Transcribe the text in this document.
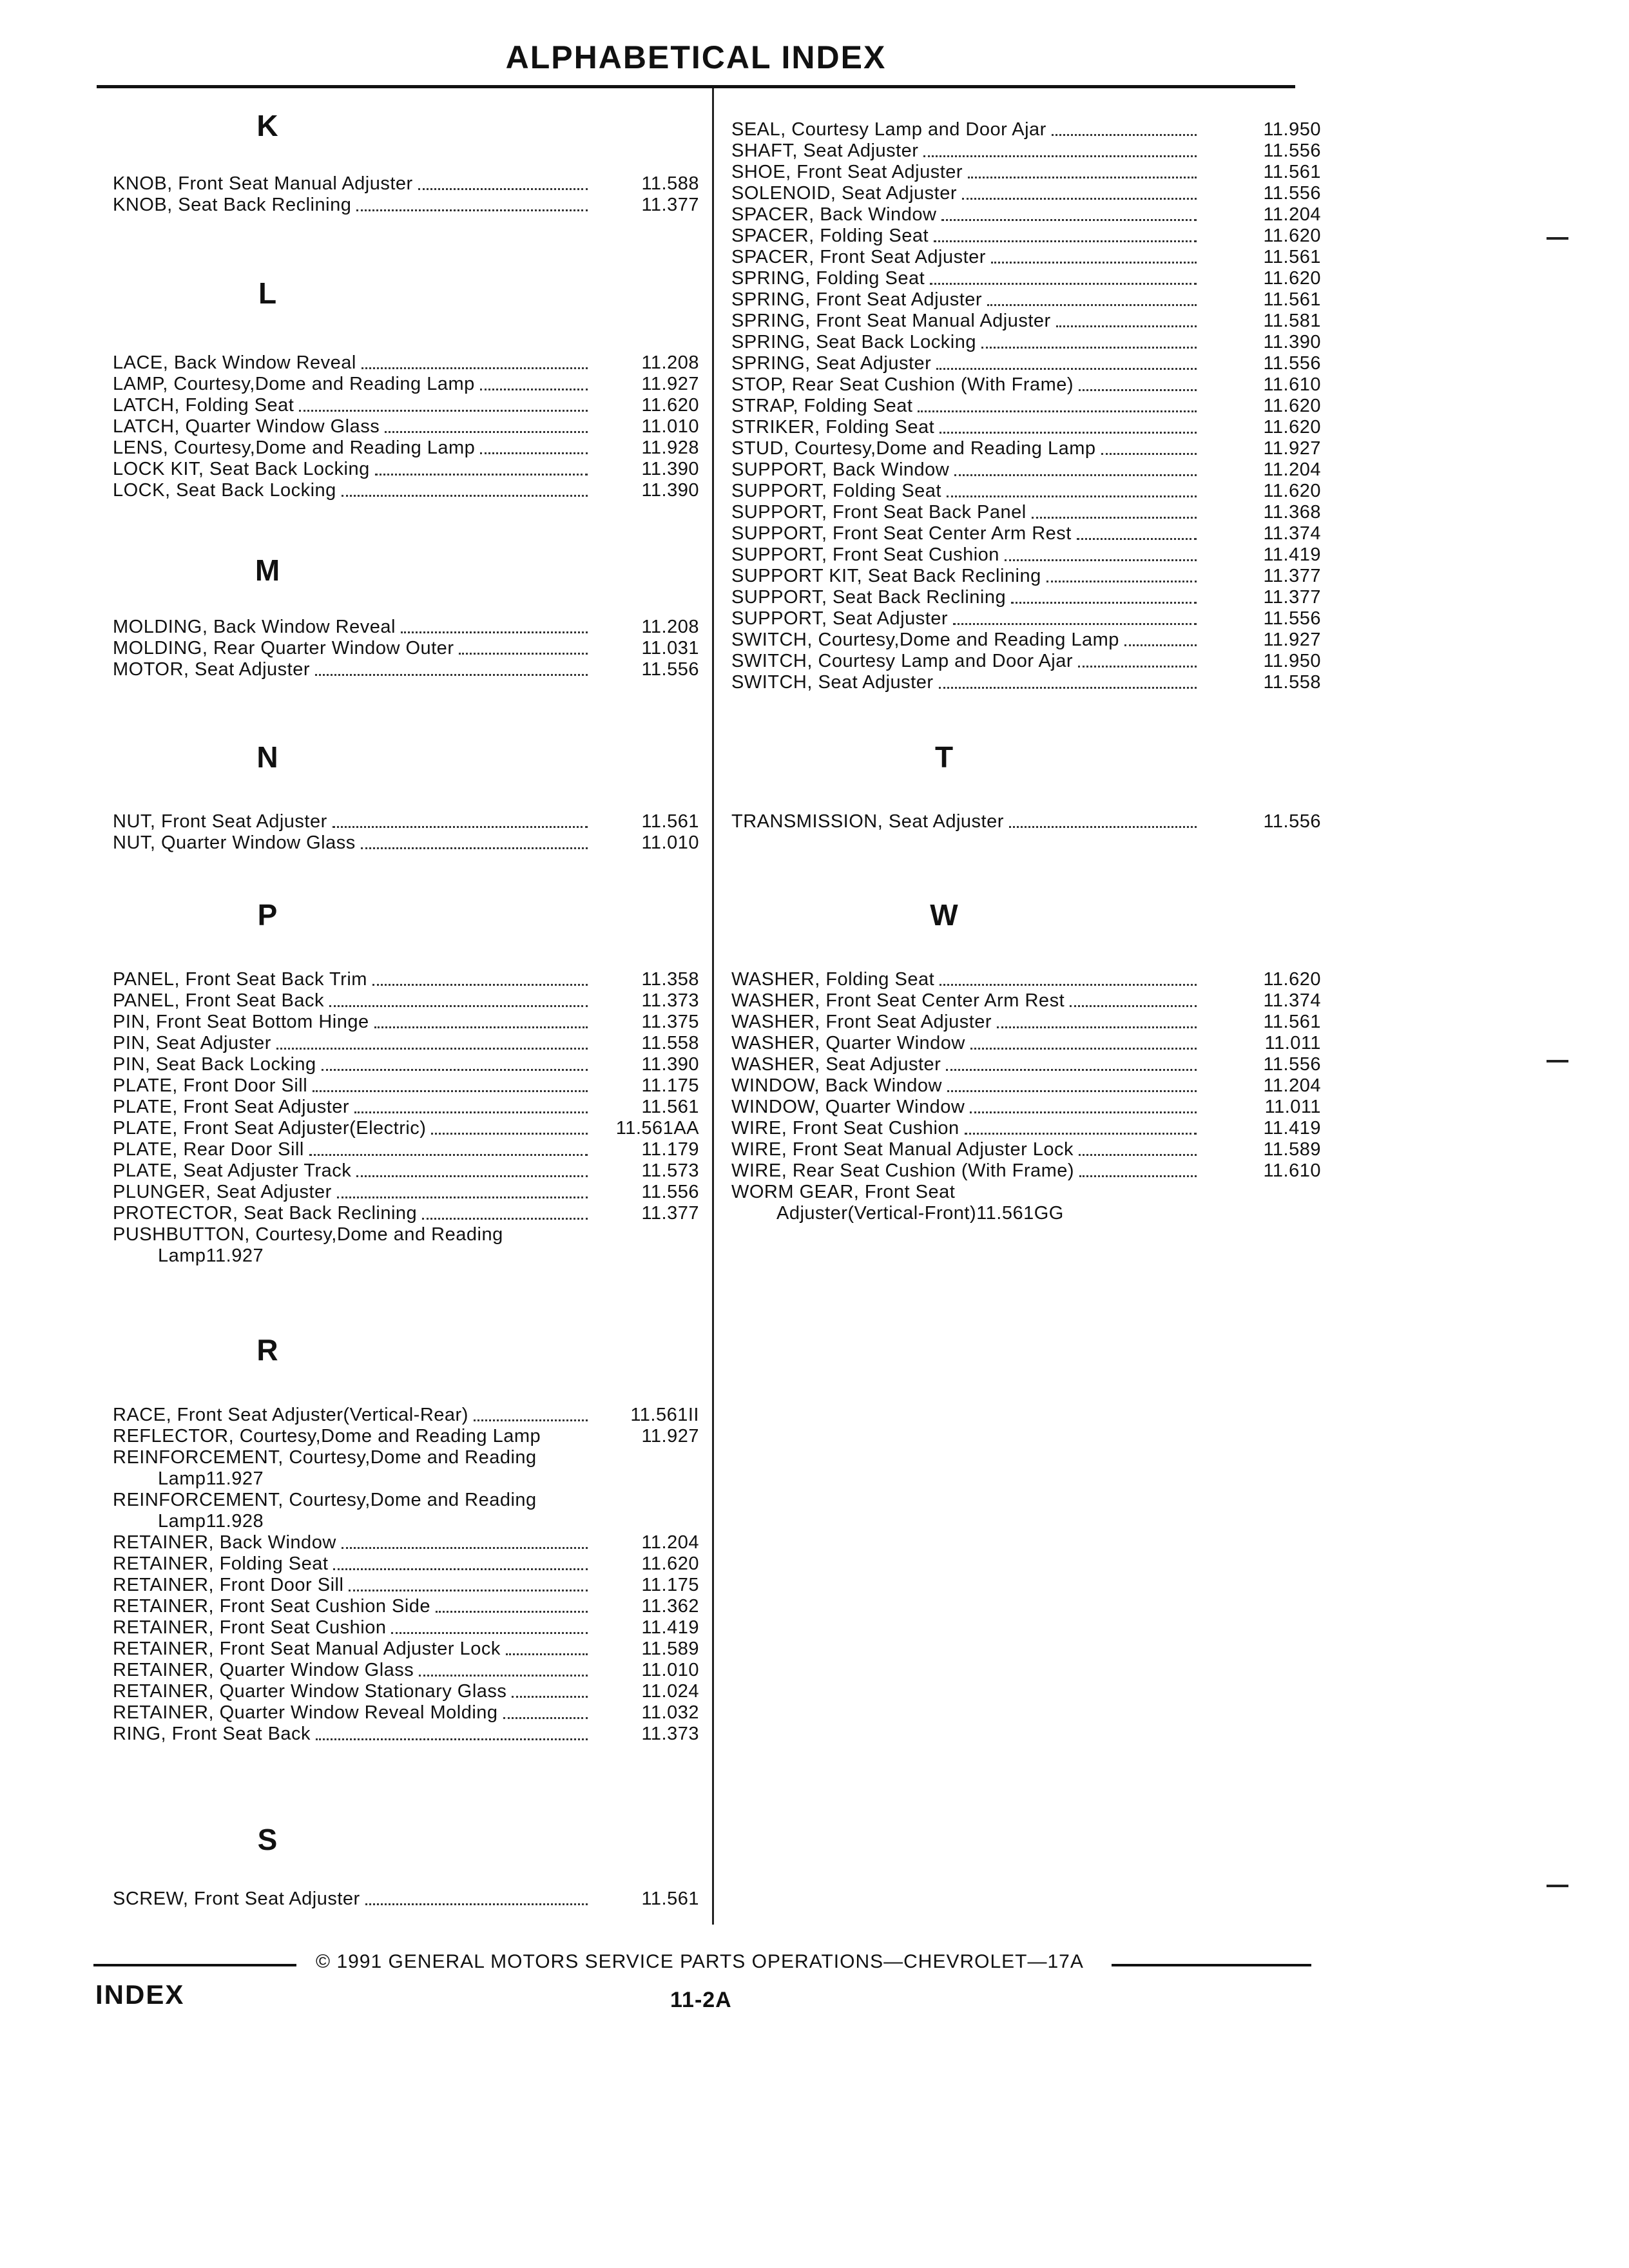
ALPHABETICAL INDEX
K
KNOB, Front Seat Manual Adjuster	11.588
KNOB, Seat Back Reclining	11.377
L
LACE, Back Window Reveal	11.208
LAMP, Courtesy,Dome and Reading Lamp	11.927
LATCH, Folding Seat	11.620
LATCH, Quarter Window Glass	11.010
LENS, Courtesy,Dome and Reading Lamp	11.928
LOCK KIT, Seat Back Locking	11.390
LOCK, Seat Back Locking	11.390
M
MOLDING, Back Window Reveal	11.208
MOLDING, Rear Quarter Window Outer	11.031
MOTOR, Seat Adjuster	11.556
N
NUT, Front Seat Adjuster	11.561
NUT, Quarter Window Glass	11.010
P
PANEL, Front Seat Back Trim	11.358
PANEL, Front Seat Back	11.373
PIN, Front Seat Bottom Hinge	11.375
PIN, Seat Adjuster	11.558
PIN, Seat Back Locking	11.390
PLATE, Front Door Sill	11.175
PLATE, Front Seat Adjuster	11.561
PLATE, Front Seat Adjuster(Electric)	11.561AA
PLATE, Rear Door Sill	11.179
PLATE, Seat Adjuster Track	11.573
PLUNGER, Seat Adjuster	11.556
PROTECTOR, Seat Back Reclining	11.377
PUSHBUTTON, Courtesy,Dome and Reading
Lamp 11.927
R
RACE, Front Seat Adjuster(Vertical-Rear)	11.561II
REFLECTOR, Courtesy,Dome and Reading Lamp	11.927
REINFORCEMENT, Courtesy,Dome and Reading
Lamp 11.927
REINFORCEMENT, Courtesy,Dome and Reading
Lamp 11.928
RETAINER, Back Window	11.204
RETAINER, Folding Seat	11.620
RETAINER, Front Door Sill	11.175
RETAINER, Front Seat Cushion Side	11.362
RETAINER, Front Seat Cushion	11.419
RETAINER, Front Seat Manual Adjuster Lock	11.589
RETAINER, Quarter Window Glass	11.010
RETAINER, Quarter Window Stationary Glass	11.024
RETAINER, Quarter Window Reveal Molding	11.032
RING, Front Seat Back	11.373
S
SCREW, Front Seat Adjuster	11.561
SEAL, Courtesy Lamp and Door Ajar	11.950
SHAFT, Seat Adjuster	11.556
SHOE, Front Seat Adjuster	11.561
SOLENOID, Seat Adjuster	11.556
SPACER, Back Window	11.204
SPACER, Folding Seat	11.620
SPACER, Front Seat Adjuster	11.561
SPRING, Folding Seat	11.620
SPRING, Front Seat Adjuster	11.561
SPRING, Front Seat Manual Adjuster	11.581
SPRING, Seat Back Locking	11.390
SPRING, Seat Adjuster	11.556
STOP, Rear Seat Cushion (With Frame)	11.610
STRAP, Folding Seat	11.620
STRIKER, Folding Seat	11.620
STUD, Courtesy,Dome and Reading Lamp	11.927
SUPPORT, Back Window	11.204
SUPPORT, Folding Seat	11.620
SUPPORT, Front Seat Back Panel	11.368
SUPPORT, Front Seat Center Arm Rest	11.374
SUPPORT, Front Seat Cushion	11.419
SUPPORT KIT, Seat Back Reclining	11.377
SUPPORT, Seat Back Reclining	11.377
SUPPORT, Seat Adjuster	11.556
SWITCH, Courtesy,Dome and Reading Lamp	11.927
SWITCH, Courtesy Lamp and Door Ajar	11.950
SWITCH, Seat Adjuster	11.558
T
TRANSMISSION, Seat Adjuster	11.556
W
WASHER, Folding Seat	11.620
WASHER, Front Seat Center Arm Rest	11.374
WASHER, Front Seat Adjuster	11.561
WASHER, Quarter Window	11.011
WASHER, Seat Adjuster	11.556
WINDOW, Back Window	11.204
WINDOW, Quarter Window	11.011
WIRE, Front Seat Cushion	11.419
WIRE, Front Seat Manual Adjuster Lock	11.589
WIRE, Rear Seat Cushion (With Frame)	11.610
WORM GEAR, Front Seat
Adjuster(Vertical-Front) 11.561GG
© 1991 GENERAL MOTORS SERVICE PARTS OPERATIONS—CHEVROLET—17A
INDEX	11-2A
